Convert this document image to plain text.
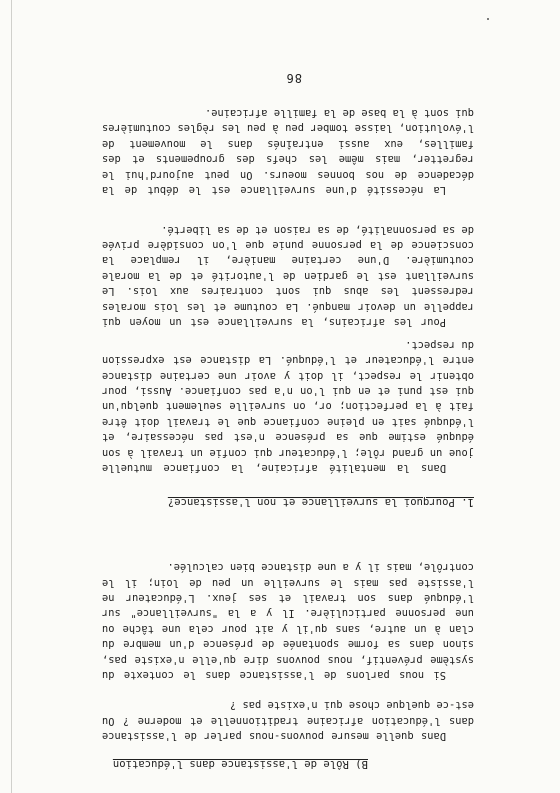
B) Rôle de l'assistance dans l'éducation
Dans quelle mesure pouvons-nous parler de l'assistance dans l'éducation africaine traditionnelle et moderne ? Ou est-ce quelque chose qui n'existe pas ?
Si nous parlons de l'assistance dans le contexte du système préventif, nous pouvons dire qu'elle n'existe pas, sinon dans sa forme spontanée de présence d'un membre du clan à un autre, sans qu'il y ait pour cela une tâche ou une personne particulière. Il y a la "surveillance" sur l'éduqué dans son travail et ses jeux. L'éducateur ne l'assiste pas mais le surveille un peu de loin; il le contrôle, mais il y a une distance bien calculée.
1. Pourquoi la surveillance et non l'assistance?
Dans la mentalité africaine, la confiance mutuelle joue un grand rôle; l'éducateur qui confie un travail à son éduqué estime que sa présence n'est pas nécessaire, et l'éduqué sait en pleine confiance que le travail doit être fait à la perfection; or, on surveille seulement quelqu'un qui est puni et en qui l'on n'a pas confiance. Aussi, pour obtenir le respect, il doit y avoir une certaine distance entre l'éducateur et l'éduqué. La distance est expression du respect.
Pour les africains, la surveillance est un moyen qui rappelle un devoir manqué. La coutume et les lois morales redressent les abus qui sont contraires aux lois. Le surveillant est le gardien de l'autorité et de la morale coutumière. D'une certaine manière, il remplace la conscience de la personne punie que l'on considère privée de sa personnalité, de sa raison et de sa liberté.
La nécessité d'une surveillance est le début de la décadence de nos bonnes moeurs. On peut aujourd'hui le regretter, mais même les chefs des groupements et des familles, eux aussi entraînés dans le mouvement de l'évolution, laisse tomber peu à peu les règles coutumières qui sont à la base de la famille africaine.
86
